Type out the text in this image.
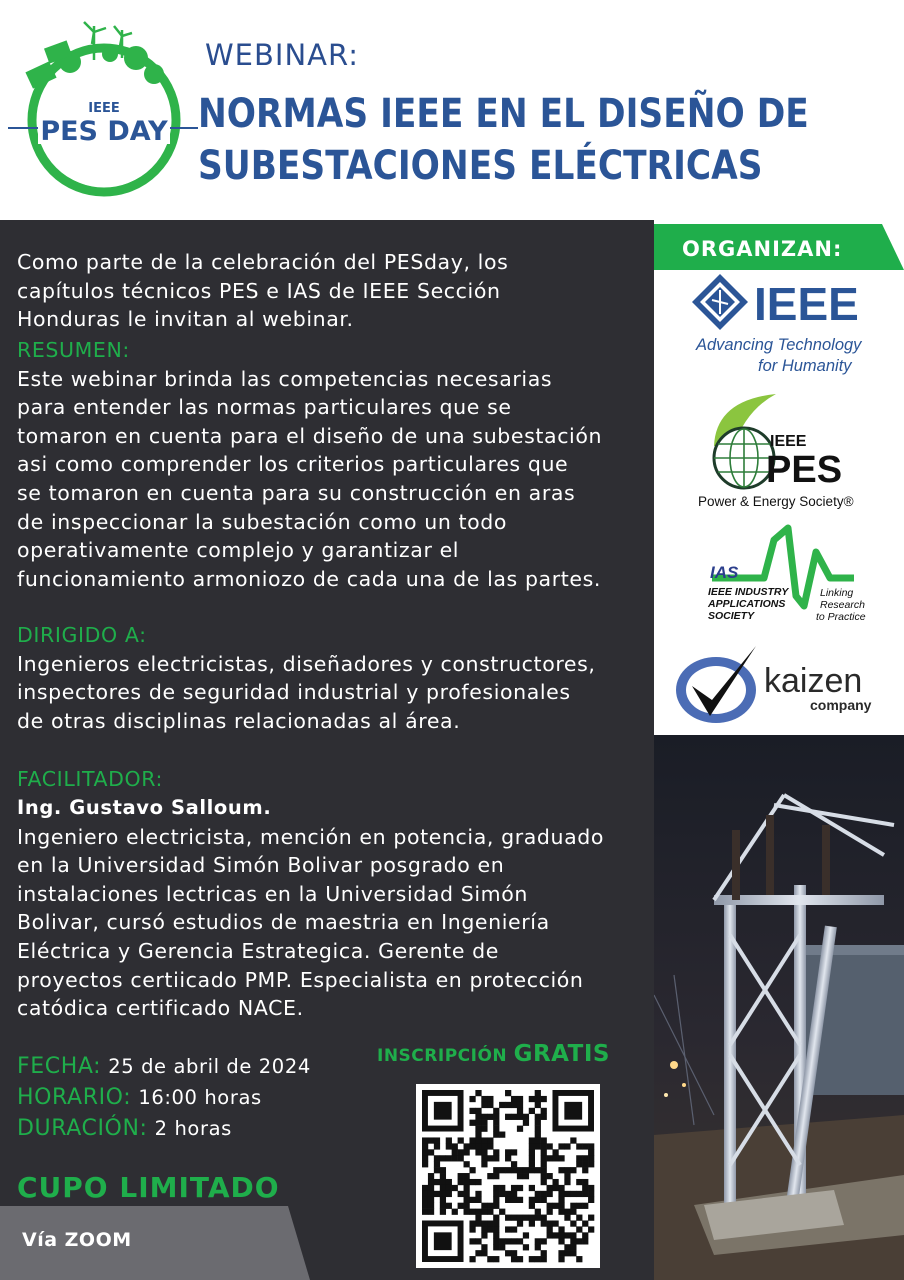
IEEE
PES DAY
WEBINAR:
NORMAS IEEE EN EL DISEÑO DE
SUBESTACIONES ELÉCTRICAS
Como parte de la celebración del PESday, los
capítulos técnicos PES e IAS de IEEE Sección
Honduras le invitan al webinar.
RESUMEN:
Este webinar brinda las competencias necesarias
para entender las normas particulares que se
tomaron en cuenta para el diseño de una subestación
asi como comprender los criterios particulares que
se tomaron en cuenta para su construcción en aras
de inspeccionar la subestación como un todo
operativamente complejo y garantizar el
funcionamiento armoniozo de cada una de las partes.
DIRIGIDO A:
Ingenieros electricistas, diseñadores y constructores,
inspectores de seguridad industrial y profesionales
de otras disciplinas relacionadas al área.
FACILITADOR:
Ing. Gustavo Salloum.
Ingeniero electricista, mención en potencia, graduado
en la Universidad Simón Bolivar posgrado en
instalaciones lectricas en la Universidad Simón
Bolivar, cursó estudios de maestria en Ingeniería
Eléctrica y Gerencia Estrategica. Gerente de
proyectos certiicado PMP. Especialista en protección
catódica certificado NACE.
FECHA: 25 de abril de 2024
HORARIO: 16:00 horas
DURACIÓN: 2 horas
CUPO LIMITADO
INSCRIPCIÓN GRATIS
Vía ZOOM
IEEE
Advancing Technology
for Humanity
IEEE
PES
Power & Energy Society®
IAS
IEEE INDUSTRY
APPLICATIONS
SOCIETY
Linking
Research
to Practice
kaizen
company
ORGANIZAN:
